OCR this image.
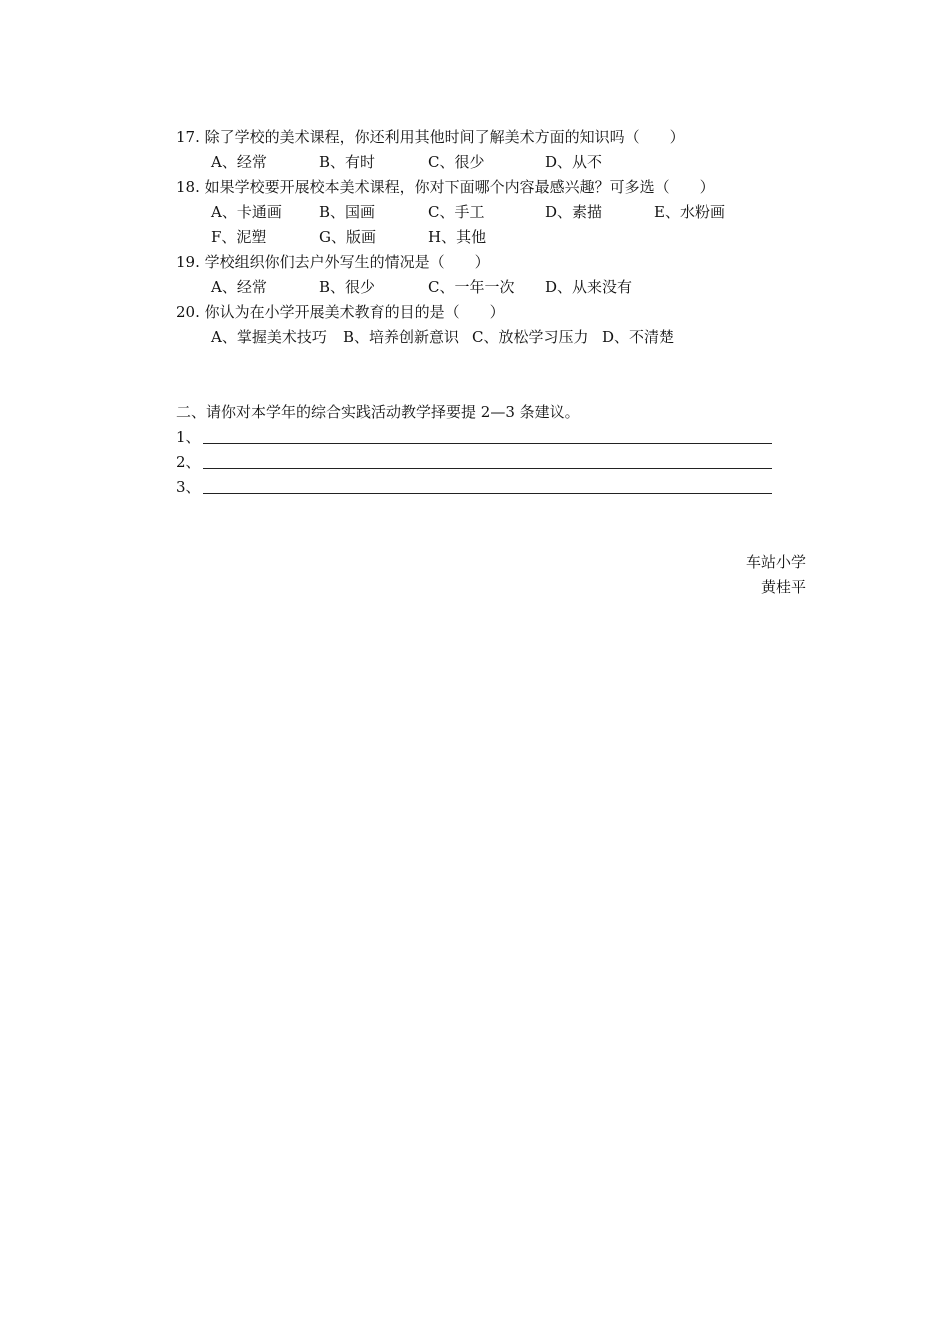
17. 除了学校的美术课程，你还利用其他时间了解美术方面的知识吗（　　）
A、经常	B、有时	C、很少	D、从不
18. 如果学校要开展校本美术课程，你对下面哪个内容最感兴趣？可多选（　　）
A、卡通画 B、国画	C、手工	D、素描	E、水粉画
F、泥塑	G、版画	H、其他
19. 学校组织你们去户外写生的情况是（　　）
A、经常	B、很少	C、一年一次 D、从来没有
20. 你认为在小学开展美术教育的目的是（　　）
A、掌握美术技巧 B、培养创新意识 C、放松学习压力 D、不清楚
二、请你对本学年的综合实践活动教学择要提 2—3 条建议。
1、
2、
3、
车站小学
黄桂平
